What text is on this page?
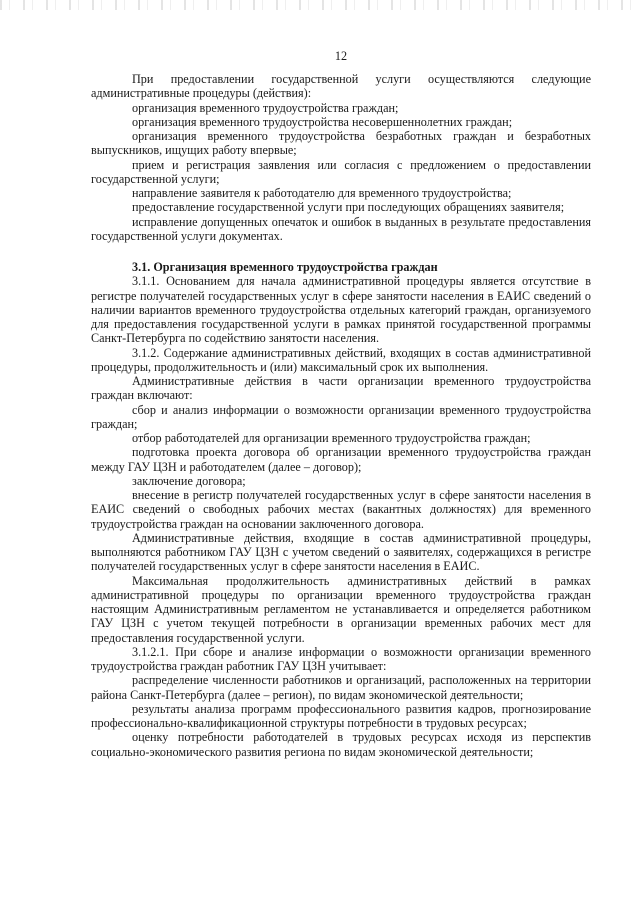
12

При предоставлении государственной услуги осуществляются следующие административные процедуры (действия):

организация временного трудоустройства граждан;

организация временного трудоустройства несовершеннолетних граждан;

организация временного трудоустройства безработных граждан и безработных выпускников, ищущих работу впервые;

прием и регистрация заявления или согласия с предложением о предоставлении государственной услуги;

направление заявителя к работодателю для временного трудоустройства;

предоставление государственной услуги при последующих обращениях заявителя;

исправление допущенных опечаток и ошибок в выданных в результате предоставления государственной услуги документах.

3.1. Организация временного трудоустройства граждан

3.1.1. Основанием для начала административной процедуры является отсутствие в регистре получателей государственных услуг в сфере занятости населения в ЕАИС сведений о наличии вариантов временного трудоустройства отдельных категорий граждан, организуемого для предоставления государственной услуги в рамках принятой государственной программы Санкт-Петербурга по содействию занятости населения.

3.1.2. Содержание административных действий, входящих в состав административной процедуры, продолжительность и (или) максимальный срок их выполнения.

Административные действия в части организации временного трудоустройства граждан включают:

сбор и анализ информации о возможности организации временного трудоустройства граждан;

отбор работодателей для организации временного трудоустройства граждан;

подготовка проекта договора об организации временного трудоустройства граждан между ГАУ ЦЗН и работодателем (далее – договор);

заключение договора;

внесение в регистр получателей государственных услуг в сфере занятости населения в ЕАИС сведений о свободных рабочих местах (вакантных должностях) для временного трудоустройства граждан на основании заключенного договора.

Административные действия, входящие в состав административной процедуры, выполняются работником ГАУ ЦЗН с учетом сведений о заявителях, содержащихся в регистре получателей государственных услуг в сфере занятости населения в ЕАИС.

Максимальная продолжительность административных действий в рамках административной процедуры по организации временного трудоустройства граждан настоящим Административным регламентом не устанавливается и определяется работником ГАУ ЦЗН с учетом текущей потребности в организации временных рабочих мест для предоставления государственной услуги.

3.1.2.1. При сборе и анализе информации о возможности организации временного трудоустройства граждан работник ГАУ ЦЗН учитывает:

распределение численности работников и организаций, расположенных на территории района Санкт-Петербурга (далее – регион), по видам экономической деятельности;

результаты анализа программ профессионального развития кадров, прогнозирование профессионально-квалификационной структуры потребности в трудовых ресурсах;

оценку потребности работодателей в трудовых ресурсах исходя из перспектив социально-экономического развития региона по видам экономической деятельности;
